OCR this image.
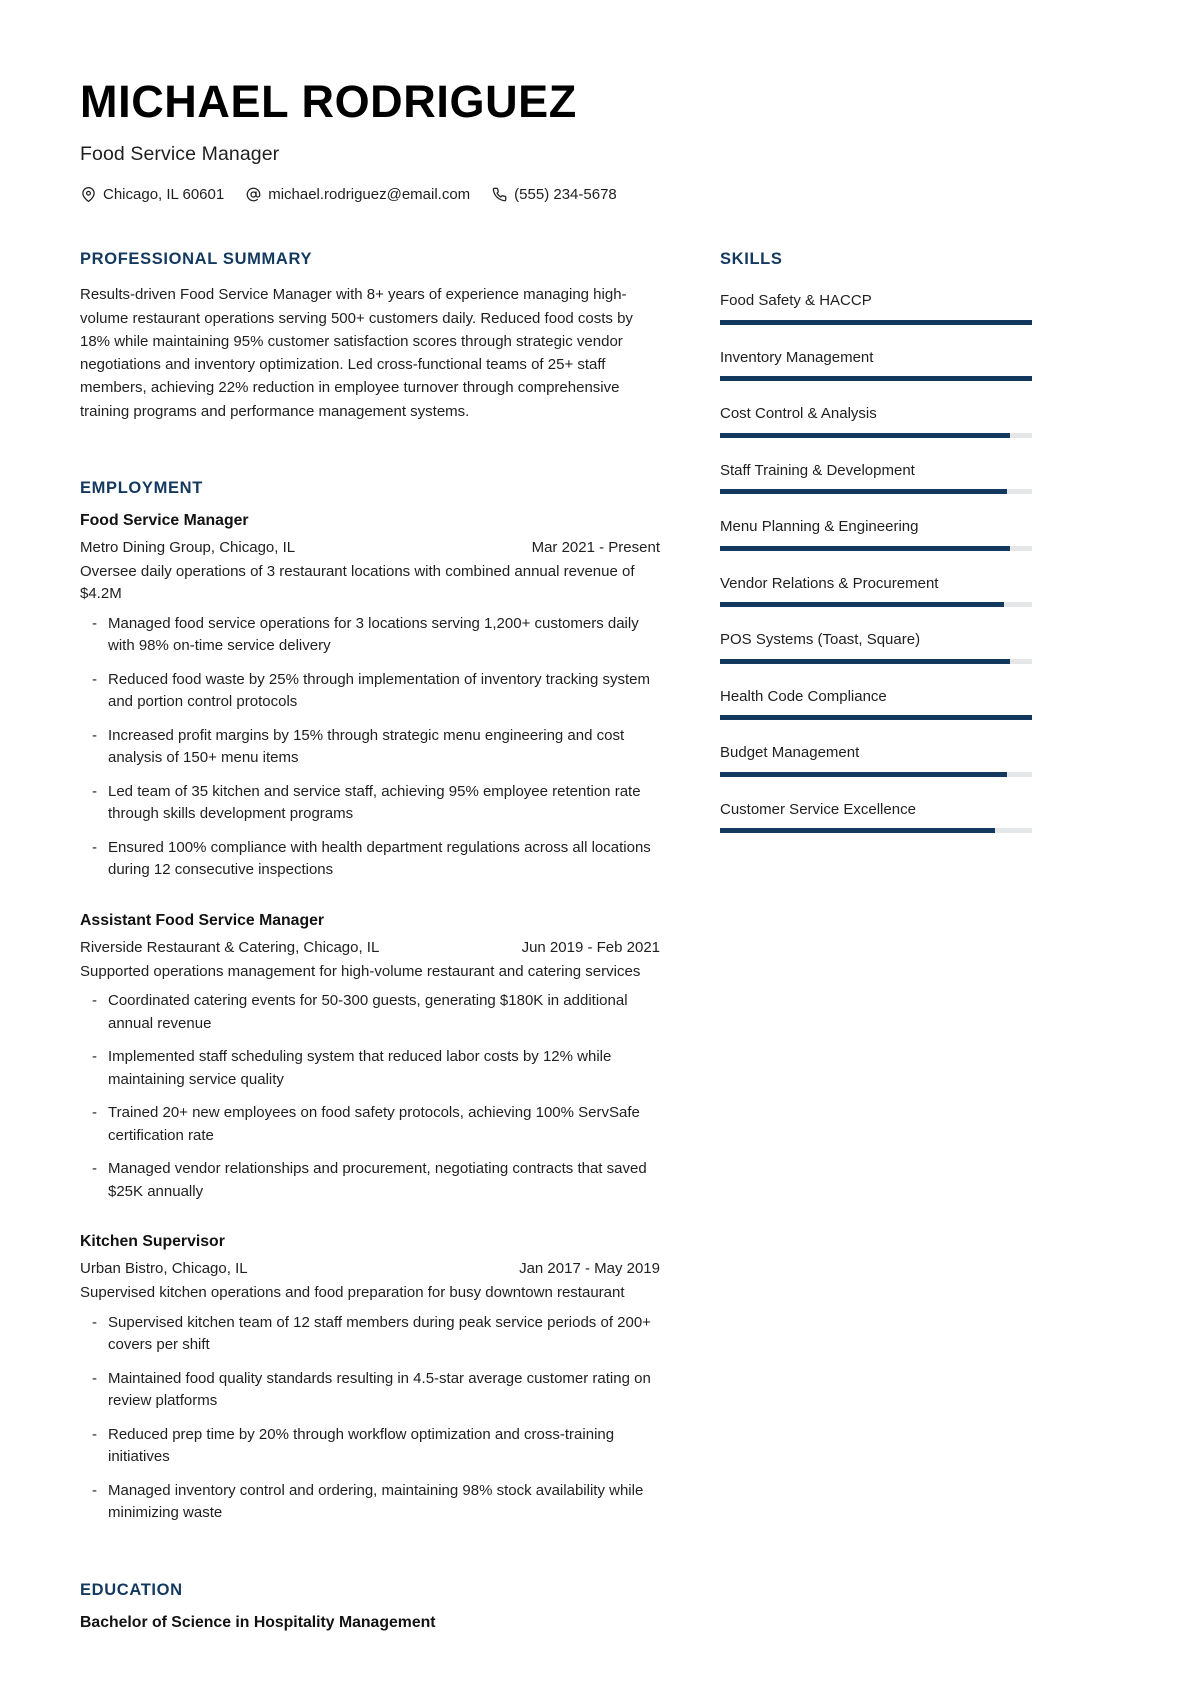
MICHAEL RODRIGUEZ
Food Service Manager
Chicago, IL 60601	michael.rodriguez@email.com	(555) 234-5678
PROFESSIONAL SUMMARY
Results-driven Food Service Manager with 8+ years of experience managing high-volume restaurant operations serving 500+ customers daily. Reduced food costs by 18% while maintaining 95% customer satisfaction scores through strategic vendor negotiations and inventory optimization. Led cross-functional teams of 25+ staff members, achieving 22% reduction in employee turnover through comprehensive training programs and performance management systems.
EMPLOYMENT
Food Service Manager
Metro Dining Group, Chicago, IL	Mar 2021 - Present
Oversee daily operations of 3 restaurant locations with combined annual revenue of $4.2M
- Managed food service operations for 3 locations serving 1,200+ customers daily with 98% on-time service delivery
- Reduced food waste by 25% through implementation of inventory tracking system and portion control protocols
- Increased profit margins by 15% through strategic menu engineering and cost analysis of 150+ menu items
- Led team of 35 kitchen and service staff, achieving 95% employee retention rate through skills development programs
- Ensured 100% compliance with health department regulations across all locations during 12 consecutive inspections
Assistant Food Service Manager
Riverside Restaurant & Catering, Chicago, IL	Jun 2019 - Feb 2021
Supported operations management for high-volume restaurant and catering services
- Coordinated catering events for 50-300 guests, generating $180K in additional annual revenue
- Implemented staff scheduling system that reduced labor costs by 12% while maintaining service quality
- Trained 20+ new employees on food safety protocols, achieving 100% ServSafe certification rate
- Managed vendor relationships and procurement, negotiating contracts that saved $25K annually
Kitchen Supervisor
Urban Bistro, Chicago, IL	Jan 2017 - May 2019
Supervised kitchen operations and food preparation for busy downtown restaurant
- Supervised kitchen team of 12 staff members during peak service periods of 200+ covers per shift
- Maintained food quality standards resulting in 4.5-star average customer rating on review platforms
- Reduced prep time by 20% through workflow optimization and cross-training initiatives
- Managed inventory control and ordering, maintaining 98% stock availability while minimizing waste
EDUCATION
Bachelor of Science in Hospitality Management
SKILLS
Food Safety & HACCP
Inventory Management
Cost Control & Analysis
Staff Training & Development
Menu Planning & Engineering
Vendor Relations & Procurement
POS Systems (Toast, Square)
Health Code Compliance
Budget Management
Customer Service Excellence
